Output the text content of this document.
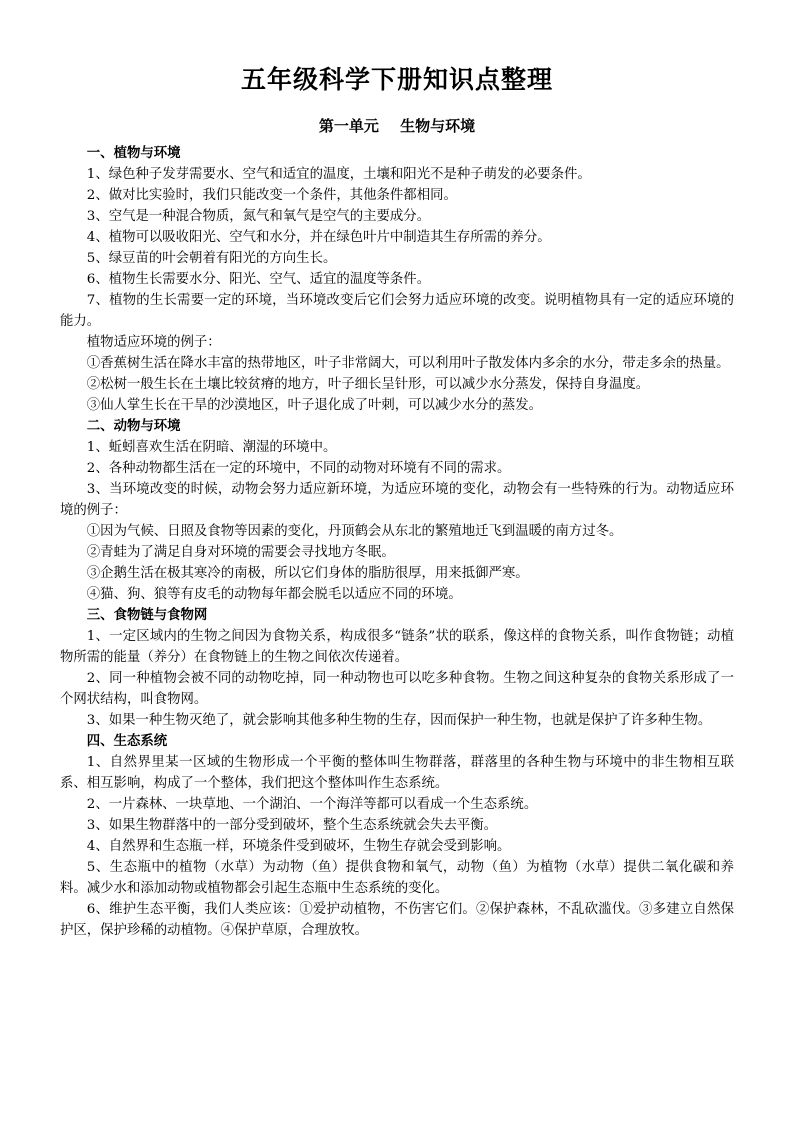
五年级科学下册知识点整理
第一单元 生物与环境

一、植物与环境

1、绿色种子发芽需要水、空气和适宜的温度，土壤和阳光不是种子萌发的必要条件。

2、做对比实验时，我们只能改变一个条件，其他条件都相同。

3、空气是一种混合物质，氮气和氧气是空气的主要成分。

4、植物可以吸收阳光、空气和水分，并在绿色叶片中制造其生存所需的养分。

5、绿豆苗的叶会朝着有阳光的方向生长。

6、植物生长需要水分、阳光、空气、适宜的温度等条件。

7、植物的生长需要一定的环境，当环境改变后它们会努力适应环境的改变。说明植物具有一定的适应环境的能力。

植物适应环境的例子：

①香蕉树生活在降水丰富的热带地区，叶子非常阔大，可以利用叶子散发体内多余的水分，带走多余的热量。

②松树一般生长在土壤比较贫瘠的地方，叶子细长呈针形，可以减少水分蒸发，保持自身温度。

③仙人掌生长在干旱的沙漠地区，叶子退化成了叶刺，可以减少水分的蒸发。

二、动物与环境

1、蚯蚓喜欢生活在阴暗、潮湿的环境中。

2、各种动物都生活在一定的环境中，不同的动物对环境有不同的需求。

3、当环境改变的时候，动物会努力适应新环境，为适应环境的变化，动物会有一些特殊的行为。动物适应环境的例子：

①因为气候、日照及食物等因素的变化，丹顶鹤会从东北的繁殖地迁飞到温暖的南方过冬。

②青蛙为了满足自身对环境的需要会寻找地方冬眠。

③企鹅生活在极其寒冷的南极，所以它们身体的脂肪很厚，用来抵御严寒。

④猫、狗、狼等有皮毛的动物每年都会脱毛以适应不同的环境。

三、食物链与食物网

1、一定区域内的生物之间因为食物关系，构成很多“链条”状的联系，像这样的食物关系，叫作食物链；动植物所需的能量（养分）在食物链上的生物之间依次传递着。

2、同一种植物会被不同的动物吃掉，同一种动物也可以吃多种食物。生物之间这种复杂的食物关系形成了一个网状结构，叫食物网。

3、如果一种生物灭绝了，就会影响其他多种生物的生存，因而保护一种生物，也就是保护了许多种生物。

四、生态系统

1、自然界里某一区域的生物形成一个平衡的整体叫生物群落，群落里的各种生物与环境中的非生物相互联系、相互影响，构成了一个整体，我们把这个整体叫作生态系统。

2、一片森林、一块草地、一个湖泊、一个海洋等都可以看成一个生态系统。

3、如果生物群落中的一部分受到破坏，整个生态系统就会失去平衡。

4、自然界和生态瓶一样，环境条件受到破坏，生物生存就会受到影响。

5、生态瓶中的植物（水草）为动物（鱼）提供食物和氧气，动物（鱼）为植物（水草）提供二氧化碳和养料。减少水和添加动物或植物都会引起生态瓶中生态系统的变化。

6、维护生态平衡，我们人类应该：①爱护动植物，不伤害它们。②保护森林，不乱砍滥伐。③多建立自然保护区，保护珍稀的动植物。④保护草原，合理放牧。
